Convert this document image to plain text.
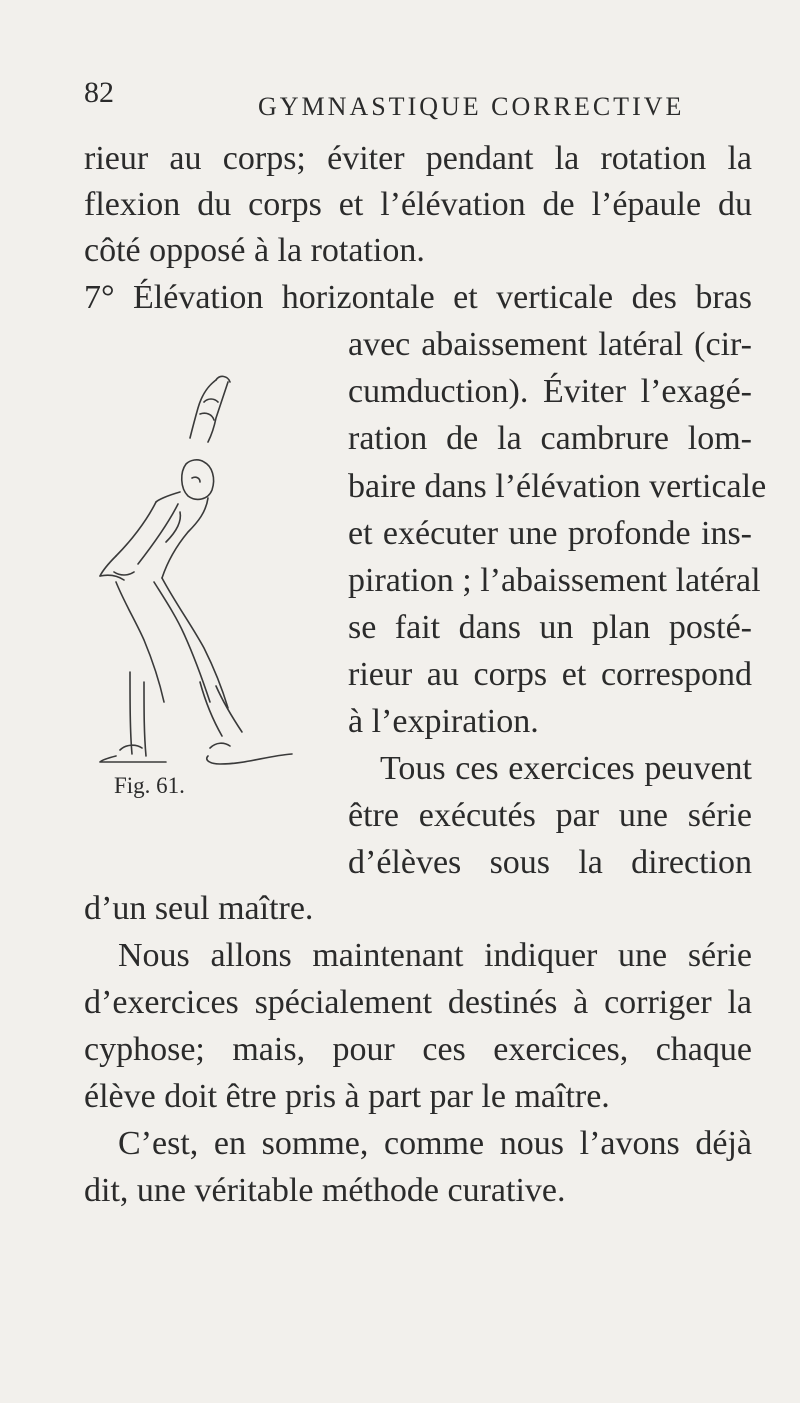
82	GYMNASTIQUE CORRECTIVE
rieur au corps; éviter pendant la rotation la
flexion du corps et l’élévation de l’épaule du
côté opposé à la rotation.
7° Élévation horizontale et verticale des bras
avec abaissement latéral (cir-
cumduction). Éviter l’exagé-
ration de la cambrure lom-
baire dans l’élévation verticale
et exécuter une profonde ins-
piration ; l’abaissement latéral
se fait dans un plan posté-
rieur au corps et correspond
à l’expiration.
Tous ces exercices peuvent
être exécutés par une série
d’élèves sous la direction
d’un seul maître.
Nous allons maintenant indiquer une série
d’exercices spécialement destinés à corriger la
cyphose; mais, pour ces exercices, chaque
élève doit être pris à part par le maître.
C’est, en somme, comme nous l’avons déjà
dit, une véritable méthode curative.
Fig. 61.
